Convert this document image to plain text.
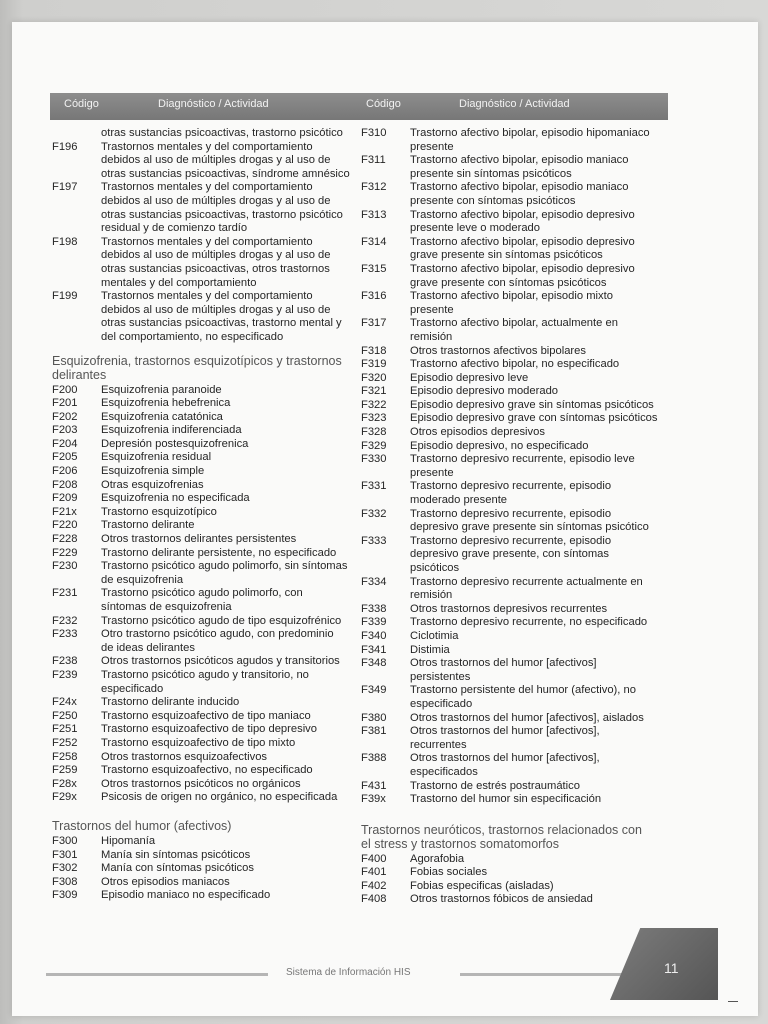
Código	Diagnóstico / Actividad	Código	Diagnóstico / Actividad
otras sustancias psicoactivas, trastorno psicótico
F196	Trastornos mentales y del comportamiento
debidos al uso de múltiples drogas y al uso de
otras sustancias psicoactivas, síndrome amnésico
F197	Trastornos mentales y del comportamiento
debidos al uso de múltiples drogas y al uso de
otras sustancias psicoactivas, trastorno psicótico
residual y de comienzo tardío
F198	Trastornos mentales y del comportamiento
debidos al uso de múltiples drogas y al uso de
otras sustancias psicoactivas, otros trastornos
mentales y del comportamiento
F199	Trastornos mentales y del comportamiento
debidos al uso de múltiples drogas y al uso de
otras sustancias psicoactivas, trastorno mental y
del comportamiento, no especificado
Esquizofrenia, trastornos esquizotípicos y trastornos
delirantes
F200	Esquizofrenia paranoide
F201	Esquizofrenia hebefrenica
F202	Esquizofrenia catatónica
F203	Esquizofrenia indiferenciada
F204	Depresión postesquizofrenica
F205	Esquizofrenia residual
F206	Esquizofrenia simple
F208	Otras esquizofrenias
F209	Esquizofrenia no especificada
F21x	Trastorno esquizotípico
F220	Trastorno delirante
F228	Otros trastornos delirantes persistentes
F229	Trastorno delirante persistente, no especificado
F230	Trastorno psicótico agudo polimorfo, sin síntomas
de esquizofrenia
F231	Trastorno psicótico agudo polimorfo, con
síntomas de esquizofrenia
F232	Trastorno psicótico agudo de tipo esquizofrénico
F233	Otro trastorno psicótico agudo, con predominio
de ideas delirantes
F238	Otros trastornos psicóticos agudos y transitorios
F239	Trastorno psicótico agudo y transitorio, no
especificado
F24x	Trastorno delirante inducido
F250	Trastorno esquizoafectivo de tipo maniaco
F251	Trastorno esquizoafectivo de tipo depresivo
F252	Trastorno esquizoafectivo de tipo mixto
F258	Otros trastornos esquizoafectivos
F259	Trastorno esquizoafectivo, no especificado
F28x	Otros trastornos psicóticos no orgánicos
F29x	Psicosis de origen no orgánico, no especificada
Trastornos del humor (afectivos)
F300	Hipomanía
F301	Manía sin síntomas psicóticos
F302	Manía con síntomas psicóticos
F308	Otros episodios maniacos
F309	Episodio maniaco no especificado
F310	Trastorno afectivo bipolar, episodio hipomaniaco
presente
F311	Trastorno afectivo bipolar, episodio maniaco
presente sin síntomas psicóticos
F312	Trastorno afectivo bipolar, episodio maniaco
presente con síntomas psicóticos
F313	Trastorno afectivo bipolar, episodio depresivo
presente leve o moderado
F314	Trastorno afectivo bipolar, episodio depresivo
grave presente sin síntomas psicóticos
F315	Trastorno afectivo bipolar, episodio depresivo
grave presente con síntomas psicóticos
F316	Trastorno afectivo bipolar, episodio mixto
presente
F317	Trastorno afectivo bipolar, actualmente en
remisión
F318	Otros trastornos afectivos bipolares
F319	Trastorno afectivo bipolar, no especificado
F320	Episodio depresivo leve
F321	Episodio depresivo moderado
F322	Episodio depresivo grave sin síntomas psicóticos
F323	Episodio depresivo grave con síntomas psicóticos
F328	Otros episodios depresivos
F329	Episodio depresivo, no especificado
F330	Trastorno depresivo recurrente, episodio leve
presente
F331	Trastorno depresivo recurrente, episodio
moderado presente
F332	Trastorno depresivo recurrente, episodio
depresivo grave presente sin síntomas psicótico
F333	Trastorno depresivo recurrente, episodio
depresivo grave presente, con síntomas
psicóticos
F334	Trastorno depresivo recurrente actualmente en
remisión
F338	Otros trastornos depresivos recurrentes
F339	Trastorno depresivo recurrente, no especificado
F340	Ciclotimia
F341	Distimia
F348	Otros trastornos del humor [afectivos]
persistentes
F349	Trastorno persistente del humor (afectivo), no
especificado
F380	Otros trastornos del humor [afectivos], aislados
F381	Otros trastornos del humor [afectivos],
recurrentes
F388	Otros trastornos del humor [afectivos],
especificados
F431	Trastorno de estrés postraumático
F39x	Trastorno del humor sin especificación
Trastornos neuróticos, trastornos relacionados con
el stress y trastornos somatomorfos
F400	Agorafobia
F401	Fobias sociales
F402	Fobias especificas (aisladas)
F408	Otros trastornos fóbicos de ansiedad
Sistema de Información HIS	11
